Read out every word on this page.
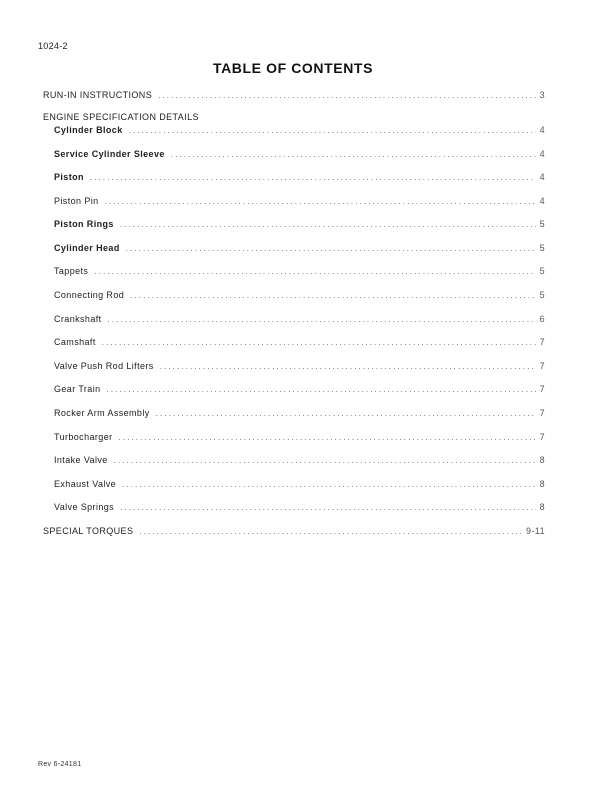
1024-2
TABLE OF CONTENTS
RUN-IN INSTRUCTIONS .....	3
ENGINE SPECIFICATION DETAILS
Cylinder Block .....	4
Service Cylinder Sleeve .....	4
Piston .....	4
Piston Pin .....	4
Piston Rings .....	5
Cylinder Head .....	5
Tappets .....	5
Connecting Rod .....	5
Crankshaft .....	6
Camshaft .....	7
Valve Push Rod Lifters .....	7
Gear Train .....	7
Rocker Arm Assembly .....	7
Turbocharger .....	7
Intake Valve .....	8
Exhaust Valve .....	8
Valve Springs .....	8
SPECIAL TORQUES .....	9-11
Rev 6-24181
